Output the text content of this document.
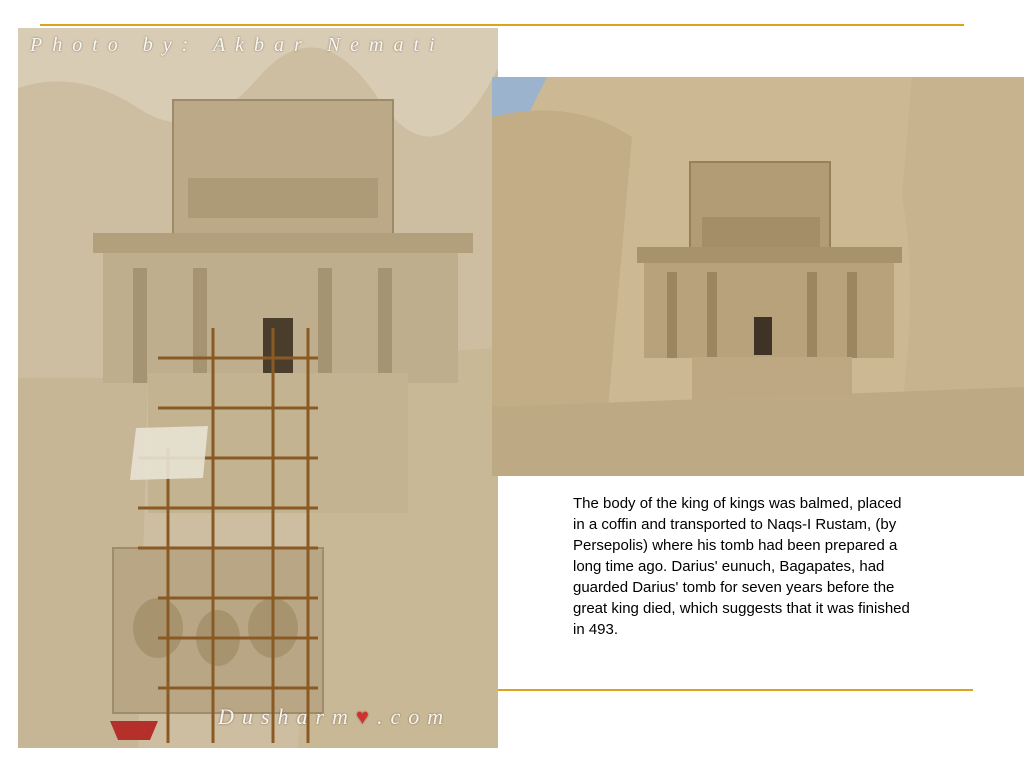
Photo by: Akbar Nemati
Dusharm♥.com
The body of the king of kings was balmed, placed in a coffin and transported to Naqs-I Rustam, (by Persepolis) where his tomb had been prepared a long time ago. Darius' eunuch, Bagapates, had guarded Darius' tomb for seven years before the great king died, which suggests that it was finished in 493.
